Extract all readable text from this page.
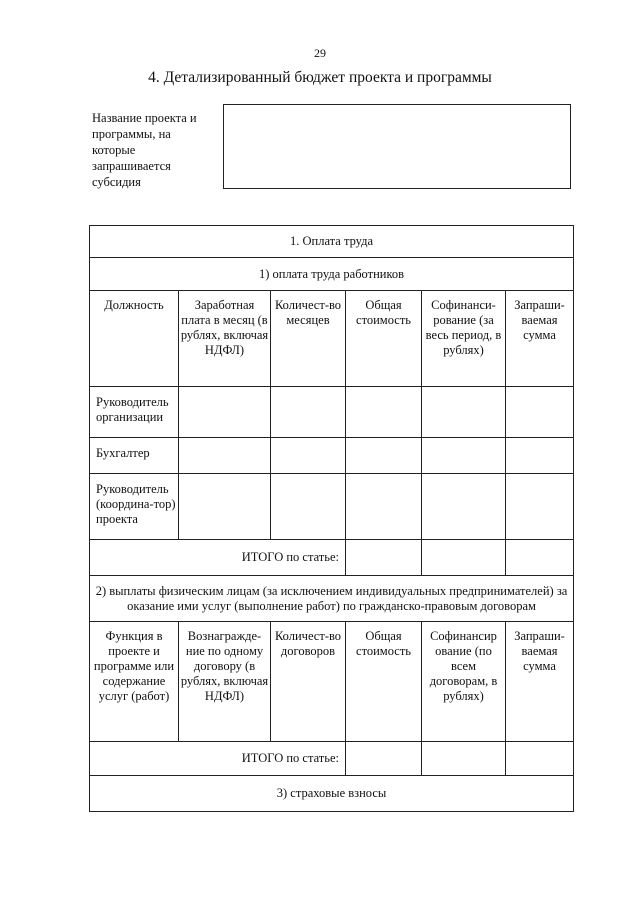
29
4. Детализированный бюджет проекта и программы
Название проекта и программы, на которые запрашивается субсидия
1. Оплата труда					
1) оплата труда работников					
Должность	Заработная плата в месяц (в рублях, включая НДФЛ)	Количест-во месяцев	Общая стоимость	Софинанси-рование (за весь период, в рублях)	Запраши-ваемая сумма
Руководитель организации					
Бухгалтер					
Руководитель (координа-тор) проекта					
ИТОГО по статье:					
2) выплаты физическим лицам (за исключением индивидуальных предпринимателей) за оказание ими услуг (выполнение работ) по гражданско-правовым договорам					
Функция в проекте и программе или содержание услуг (работ)	Вознагражде-ние по одному договору (в рублях, включая НДФЛ)	Количест-во договоров	Общая стоимость	Софинансир ование (по всем договорам, в рублях)	Запраши-ваемая сумма
ИТОГО по статье:					
3) страховые взносы					
